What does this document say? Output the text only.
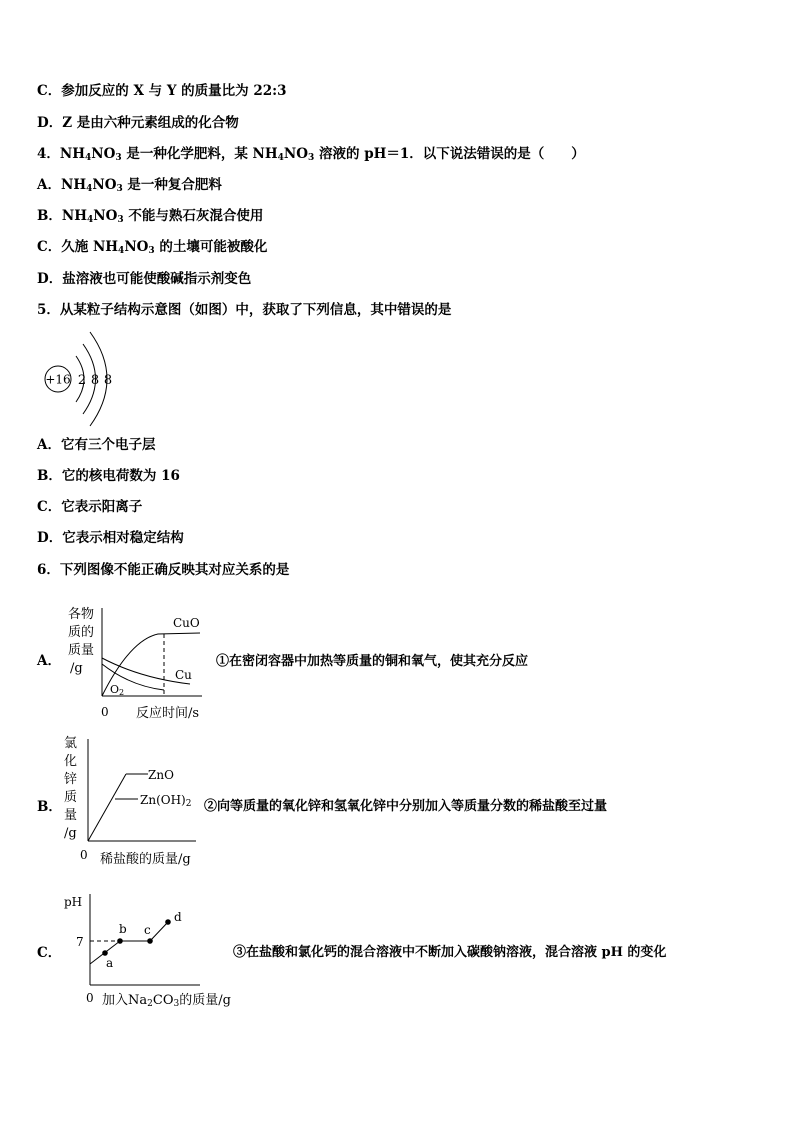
C．参加反应的 X 与 Y 的质量比为 22:3
D．Z 是由六种元素组成的化合物
4．$NH_4NO_3$ 是一种化学肥料，某 $NH_4NO_3$ 溶液的 pH＝1．以下说法错误的是（　　）
A．$NH_4NO_3$ 是一种复合肥料
B．$NH_4NO_3$ 不能与熟石灰混合使用
C．久施 $NH_4NO_3$ 的土壤可能被酸化
D．盐溶液也可能使酸碱指示剂变色
5．从某粒子结构示意图（如图）中，获取了下列信息，其中错误的是
+16 2 8 8
A．它有三个电子层
B．它的核电荷数为 16
C．它表示阳离子
D．它表示相对稳定结构
6．下列图像不能正确反映其对应关系的是
A．
各物
质的
质量
/g
CuO
Cu
O2
0 反应时间/s
①在密闭容器中加热等质量的铜和氧气，使其充分反应
B．
氯
化
锌
质
量
/g
ZnO
Zn(OH)2
0 稀盐酸的质量/g
②向等质量的氧化锌和氢氧化锌中分别加入等质量分数的稀盐酸至过量
C．
pH
7
a
b c
d
0 加入Na2CO3的质量/g
③在盐酸和氯化钙的混合溶液中不断加入碳酸钠溶液，混合溶液 pH 的变化
